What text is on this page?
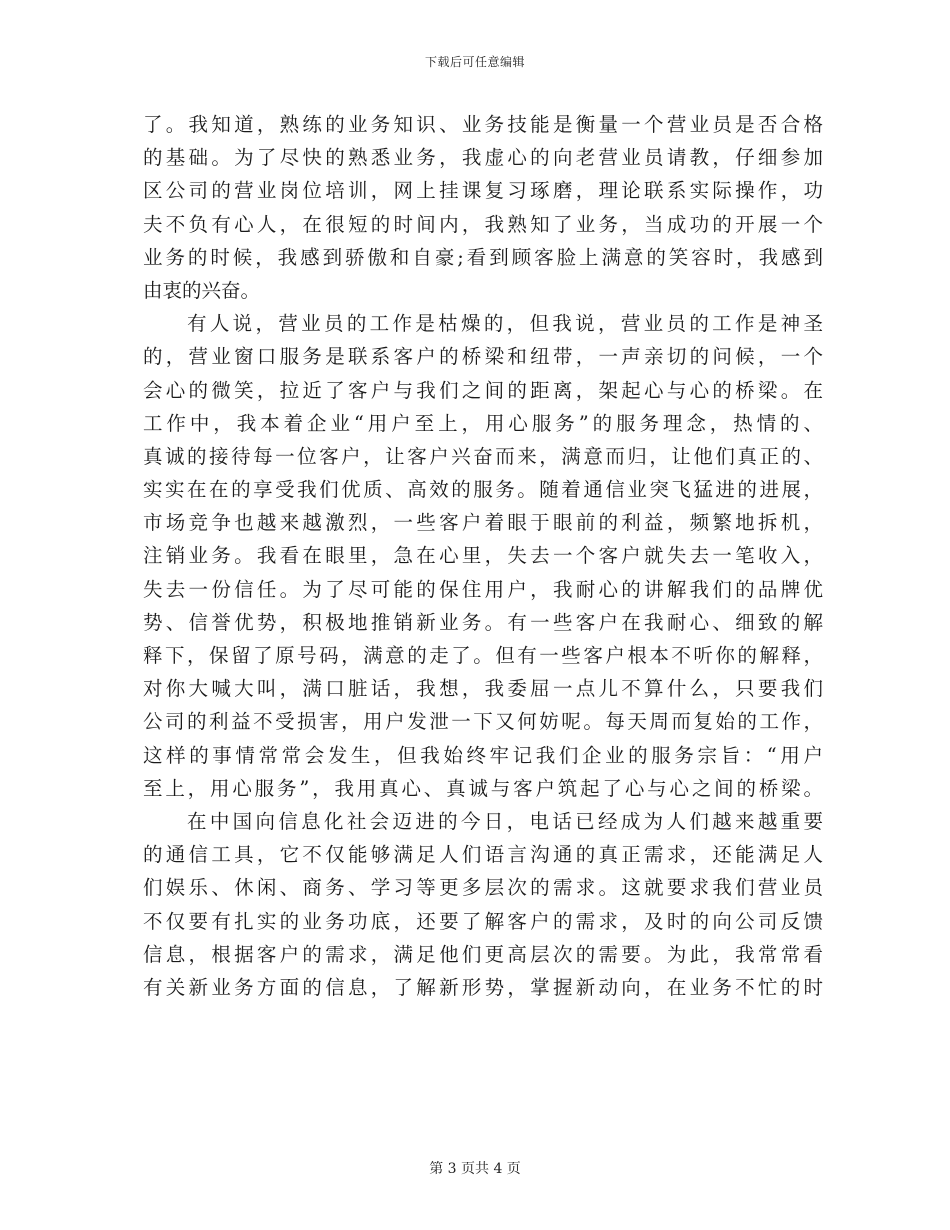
下载后可任意编辑
了。我知道，熟练的业务知识、业务技能是衡量一个营业员是否合格
的基础。为了尽快的熟悉业务，我虚心的向老营业员请教，仔细参加
区公司的营业岗位培训，网上挂课复习琢磨，理论联系实际操作，功
夫不负有心人，在很短的时间内，我熟知了业务，当成功的开展一个
业务的时候，我感到骄傲和自豪;看到顾客脸上满意的笑容时，我感到
由衷的兴奋。
有人说，营业员的工作是枯燥的，但我说，营业员的工作是神圣
的，营业窗口服务是联系客户的桥梁和纽带，一声亲切的问候，一个
会心的微笑，拉近了客户与我们之间的距离，架起心与心的桥梁。在
工作中，我本着企业“用户至上，用心服务”的服务理念，热情的、
真诚的接待每一位客户，让客户兴奋而来，满意而归，让他们真正的、
实实在在的享受我们优质、高效的服务。随着通信业突飞猛进的进展，
市场竞争也越来越激烈，一些客户着眼于眼前的利益，频繁地拆机，
注销业务。我看在眼里，急在心里，失去一个客户就失去一笔收入，
失去一份信任。为了尽可能的保住用户，我耐心的讲解我们的品牌优
势、信誉优势，积极地推销新业务。有一些客户在我耐心、细致的解
释下，保留了原号码，满意的走了。但有一些客户根本不听你的解释，
对你大喊大叫，满口脏话，我想，我委屈一点儿不算什么，只要我们
公司的利益不受损害，用户发泄一下又何妨呢。每天周而复始的工作，
这样的事情常常会发生，但我始终牢记我们企业的服务宗旨：“用户
至上，用心服务”，我用真心、真诚与客户筑起了心与心之间的桥梁。
在中国向信息化社会迈进的今日，电话已经成为人们越来越重要
的通信工具，它不仅能够满足人们语言沟通的真正需求，还能满足人
们娱乐、休闲、商务、学习等更多层次的需求。这就要求我们营业员
不仅要有扎实的业务功底，还要了解客户的需求，及时的向公司反馈
信息，根据客户的需求，满足他们更高层次的需要。为此，我常常看
有关新业务方面的信息，了解新形势，掌握新动向，在业务不忙的时
第 3 页共 4 页
